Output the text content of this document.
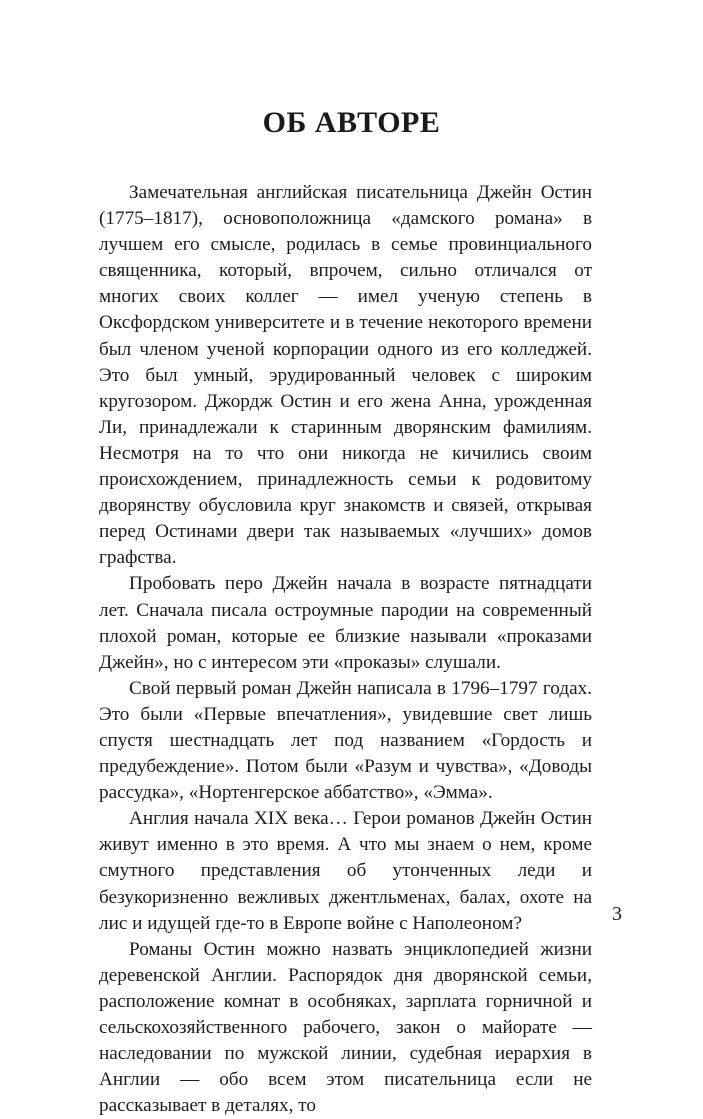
ОБ АВТОРЕ

Замечательная английская писательница Джейн Остин (1775–1817), основоположница «дамского романа» в лучшем его смысле, родилась в семье провинциального священника, который, впрочем, сильно отличался от многих своих коллег — имел ученую степень в Оксфордском университете и в течение некоторого времени был членом ученой корпорации одного из его колледжей. Это был умный, эрудированный человек с широким кругозором. Джордж Остин и его жена Анна, урожденная Ли, принадлежали к старинным дворянским фамилиям. Несмотря на то что они никогда не кичились своим происхождением, принадлежность семьи к родовитому дворянству обусловила круг знакомств и связей, открывая перед Остинами двери так называемых «лучших» домов графства.

Пробовать перо Джейн начала в возрасте пятнадцати лет. Сначала писала остроумные пародии на современный плохой роман, которые ее близкие называли «проказами Джейн», но с интересом эти «проказы» слушали.

Свой первый роман Джейн написала в 1796–1797 годах. Это были «Первые впечатления», увидевшие свет лишь спустя шестнадцать лет под названием «Гордость и предубеждение». Потом были «Разум и чувства», «Доводы рассудка», «Нортенгерское аббатство», «Эмма».

Англия начала XIX века… Герои романов Джейн Остин живут именно в это время. А что мы знаем о нем, кроме смутного представления об утонченных леди и безукоризненно вежливых джентльменах, балах, охоте на лис и идущей где-то в Европе войне с Наполеоном?

Романы Остин можно назвать энциклопедией жизни деревенской Англии. Распорядок дня дворянской семьи, расположение комнат в особняках, зарплата горничной и сельскохозяйственного рабочего, закон о майорате — наследовании по мужской линии, судебная иерархия в Англии — обо всем этом писательница если не рассказывает в деталях, то

3
